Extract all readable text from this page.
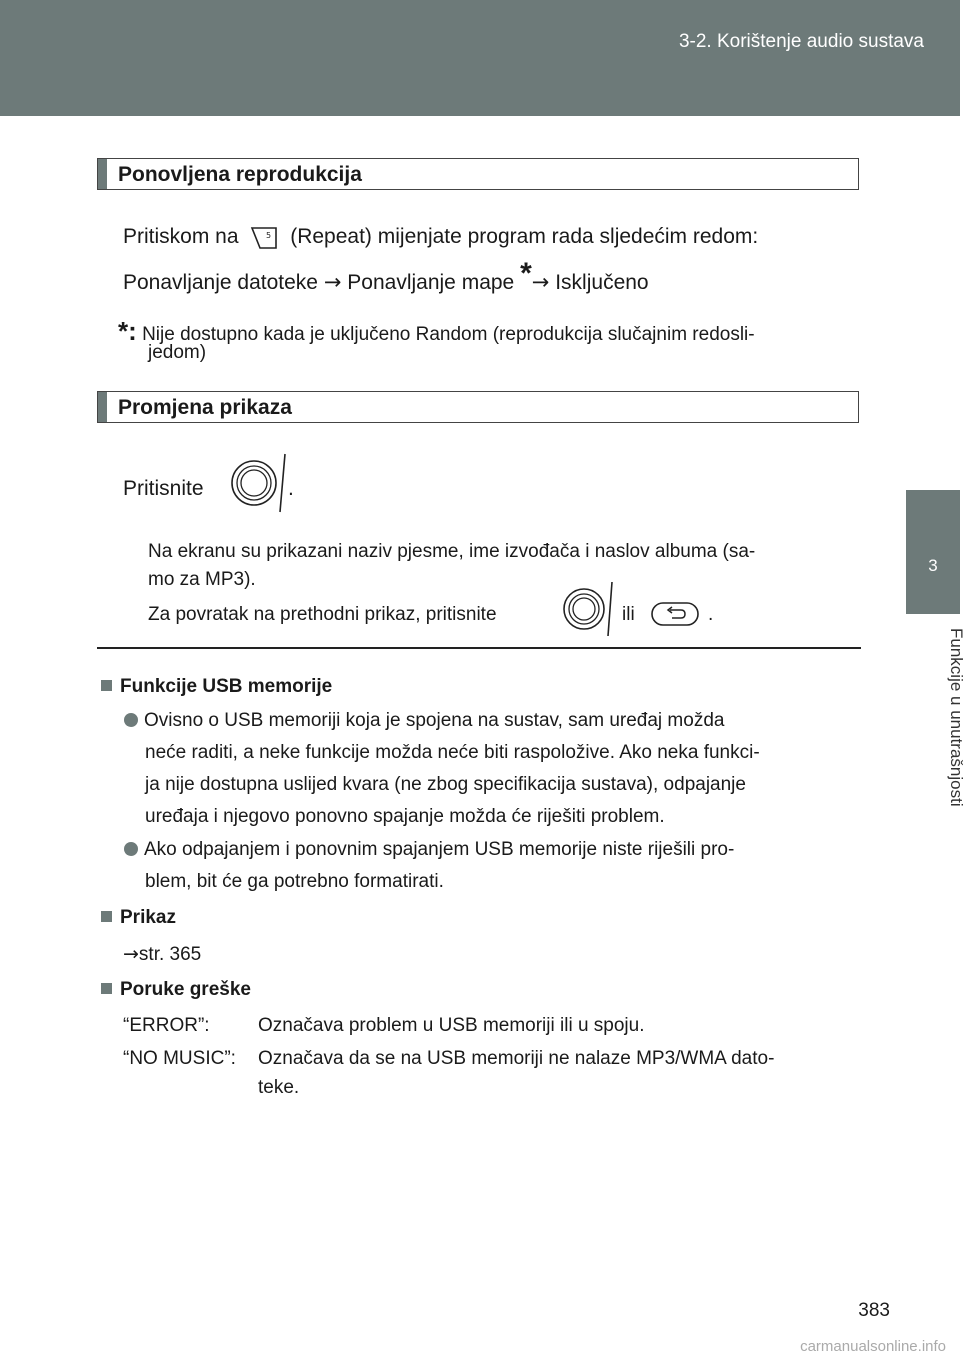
3-2. Korištenje audio sustava
3
Funkcije u unutrašnjosti
Ponovljena reprodukcija
Pritiskom na	5 (Repeat) mijenjate program rada sljedećim redom:
Ponavljanje datoteke → Ponavljanje mape *→ Isključeno
*: Nije dostupno kada je uključeno Random (reprodukcija slučajnim redosli-
jedom)
Promjena prikaza
Pritisnite	.
Na ekranu su prikazani naziv pjesme, ime izvođača i naslov albuma (sa-
mo za MP3).
Za povratak na prethodni prikaz, pritisnite	ili	.
Funkcije USB memorije
Ovisno o USB memoriji koja je spojena na sustav, sam uređaj možda
neće raditi, a neke funkcije možda neće biti raspoložive. Ako neka funkci-
ja nije dostupna uslijed kvara (ne zbog specifikacija sustava), odpajanje
uređaja i njegovo ponovno spajanje možda će riješiti problem.
Ako odpajanjem i ponovnim spajanjem USB memorije niste riješili pro-
blem, bit će ga potrebno formatirati.
Prikaz
→str. 365
Poruke greške
“ERROR”:	Označava problem u USB memoriji ili u spoju.
“NO MUSIC”: Označava da se na USB memoriji ne nalaze MP3/WMA dato-
teke.
383
carmanualsonline.info
